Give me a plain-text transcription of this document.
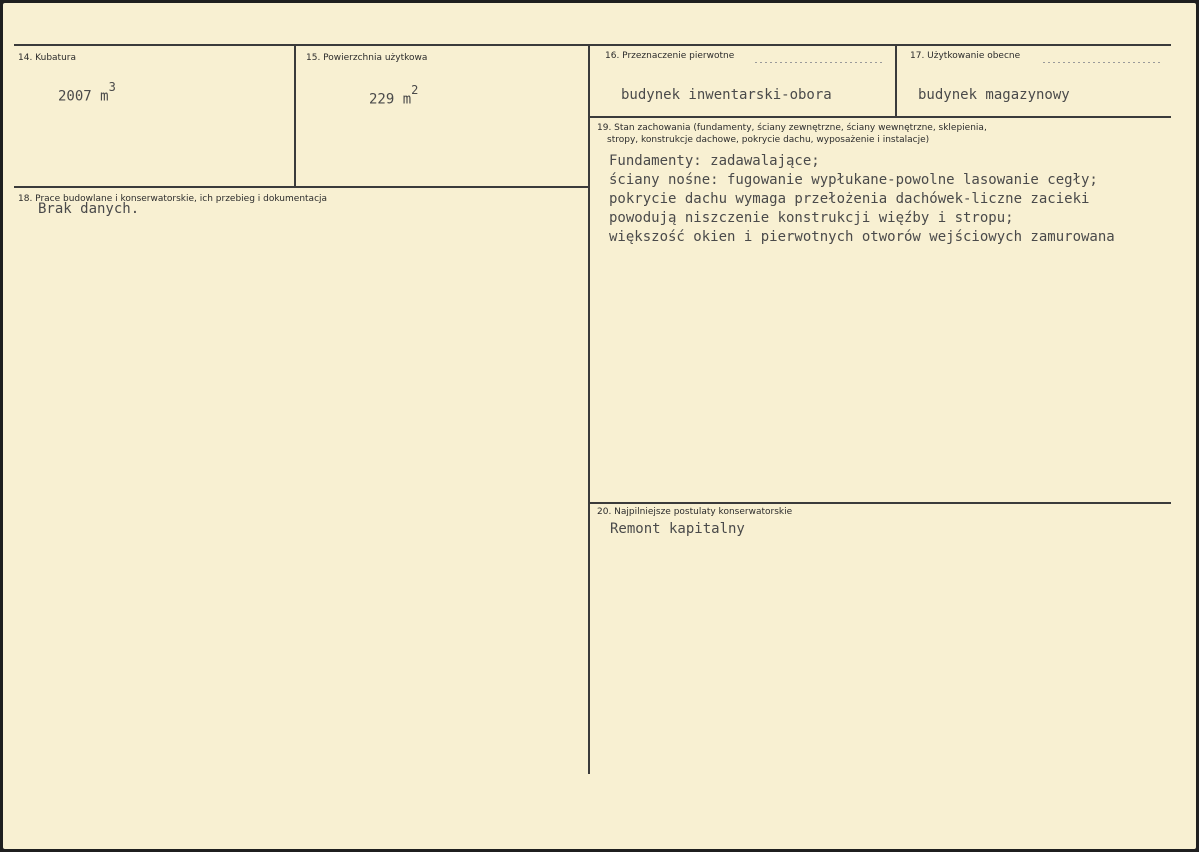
14. Kubatura
2007 $m^3$
15. Powierzchnia użytkowa
229 $m^2$
16. Przeznaczenie pierwotne
budynek inwentarski-obora
17. Użytkowanie obecne
budynek magazynowy
18. Prace budowlane i konserwatorskie, ich przebieg i dokumentacja
Brak danych.
19. Stan zachowania (fundamenty, ściany zewnętrzne, ściany wewnętrzne, sklepienia,
stropy, konstrukcje dachowe, pokrycie dachu, wyposażenie i instalacje)
Fundamenty: zadawalające;
ściany nośne: fugowanie wypłukane-powolne lasowanie cegły;
pokrycie dachu wymaga przełożenia dachówek-liczne zacieki
powodują niszczenie konstrukcji więźby i stropu;
większość okien i pierwotnych otworów wejściowych zamurowana
20. Najpilniejsze postulaty konserwatorskie
Remont kapitalny
